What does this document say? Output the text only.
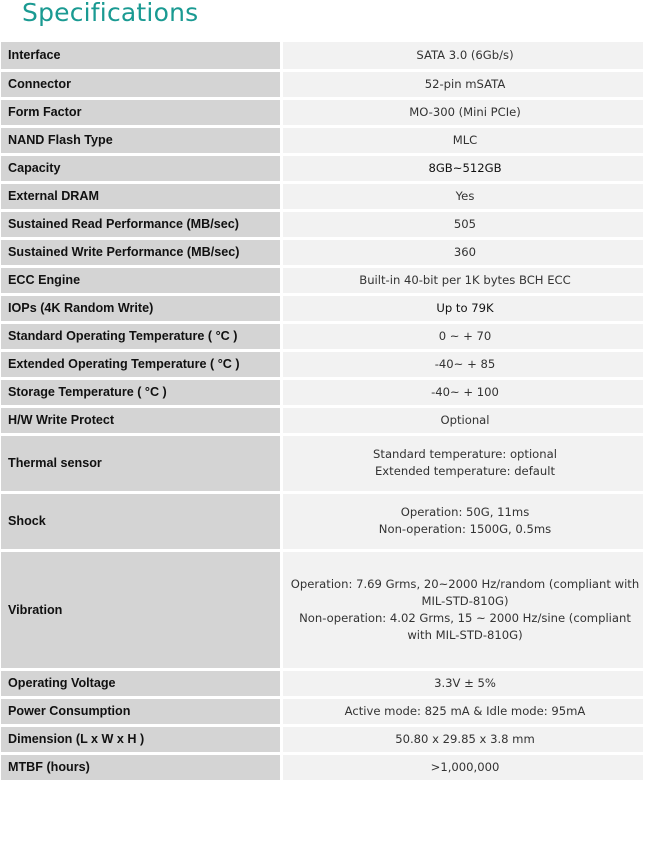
Specifications
Interface	SATA 3.0 (6Gb/s)

Connector	52-pin mSATA

Form Factor	MO-300 (Mini PCIe)

NAND Flash Type	MLC

Capacity	8GB~512GB

External DRAM	Yes

Sustained Read Performance (MB/sec)	505

Sustained Write Performance (MB/sec)	360

ECC Engine	Built-in 40-bit per 1K bytes BCH ECC

IOPs (4K Random Write)	Up to 79K

Standard Operating Temperature ( °C )	0 ~ + 70

Extended Operating Temperature ( °C )	-40~ + 85

Storage Temperature ( °C )	-40~ + 100

H/W Write Protect	Optional

Thermal sensor	Standard temperature: optional
Extended temperature: default

Shock	Operation: 50G, 11ms
Non-operation: 1500G, 0.5ms

Vibration	Operation: 7.69 Grms, 20~2000 Hz/random (compliant with
MIL-STD-810G)
Non-operation: 4.02 Grms, 15 ~ 2000 Hz/sine (compliant
with MIL-STD-810G)

Operating Voltage	3.3V ± 5%

Power Consumption	Active mode: 825 mA & Idle mode: 95mA

Dimension (L x W x H )	50.80 x 29.85 x 3.8 mm

MTBF (hours)	>1,000,000
